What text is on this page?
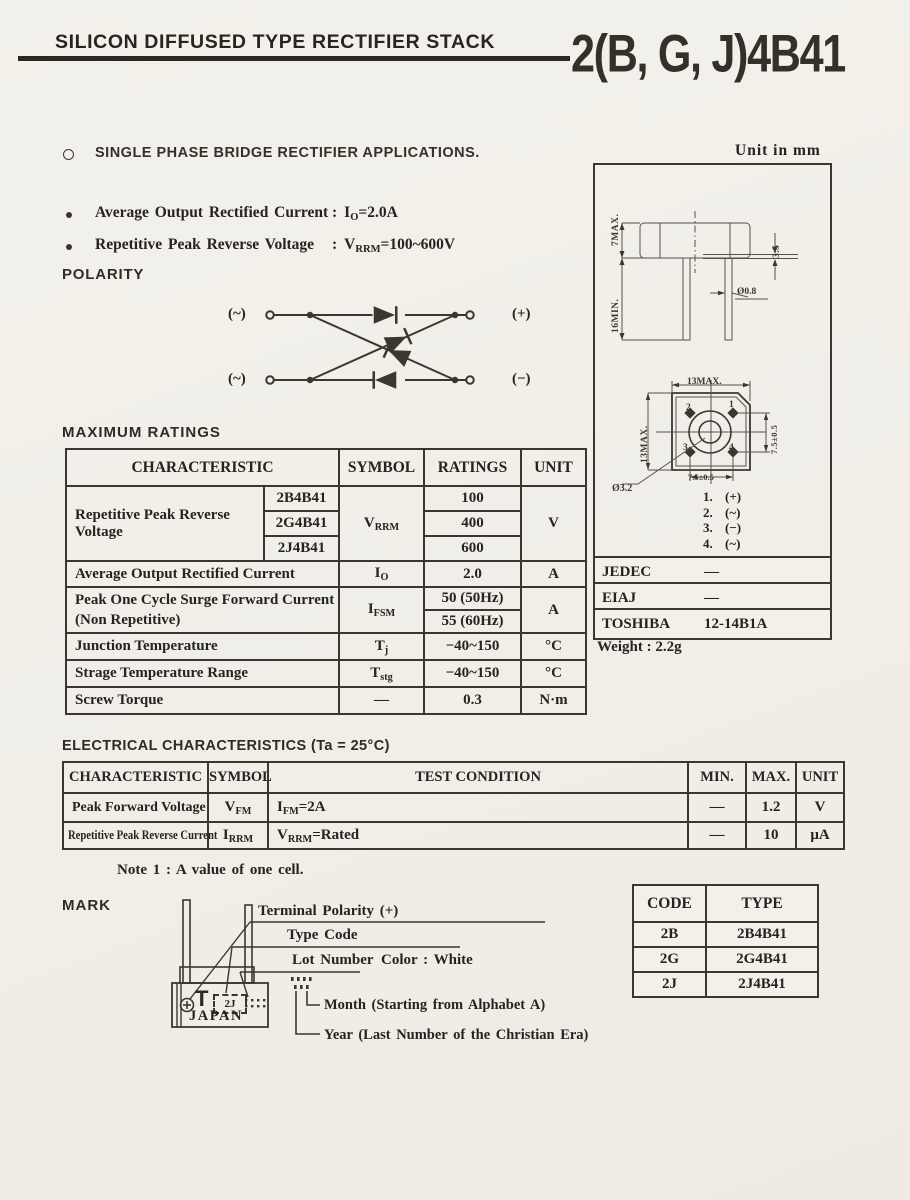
SILICON DIFFUSED TYPE RECTIFIER STACK 2(B, G, J)4B41
SINGLE PHASE BRIDGE RECTIFIER APPLICATIONS.	Unit in mm
Average Output Rectified Current : $I_O=2.0A$
Repetitive Peak Reverse Voltage	: $V_{RRM}=100\sim 600V$
POLARITY
(~)
(~)
(+)
(−)
MAXIMUM RATINGS
CHARACTERISTIC		SYMBOL	RATINGS	UNIT
Repetitive Peak Reverse Voltage	2B4B41	$V_{RRM}$	100	V
	2G4B41		400	
	2J4B41		600	
Average Output Rectified Current		$I_O$	2.0	A
Peak One Cycle Surge Forward Current (Non Repetitive)		$I_{FSM}$	50 (50Hz)	A
			55 (60Hz)	
Junction Temperature		$T_j$	−40~150	°C
Strage Temperature Range		$T_{stg}$	−40~150	°C
Screw Torque		—	0.3	N·m
7MAX.
16MIN.
3.5
Ø0.8
13MAX.
13MAX.	7.5±0.5
7.5±0.5
Ø3.2
2	1
3	4
1. (+)
2. (~)
3. (−)
4. (~)
JEDEC	—
EIAJ	—
TOSHIBA	12-14B1A
Weight : 2.2g
ELECTRICAL CHARACTERISTICS (Ta = 25°C)
CHARACTERISTIC	SYMBOL	TEST CONDITION	MIN.	MAX.	UNIT
Peak Forward Voltage	$V_{FM}$	$I_{FM}=2A$	—	1.2	V
Repetitive Peak Reverse Current	$I_{RRM}$	$V_{RRM}=Rated$	—	10	μA
Note 1 : A value of one cell.
MARK	Terminal Polarity (+)
Type Code
Lot Number Color : White
Month (Starting from Alphabet A)
Year (Last Number of the Christian Era)
T 2J
JAPAN
CODE	TYPE
2B	2B4B41
2G	2G4B41
2J	2J4B41
